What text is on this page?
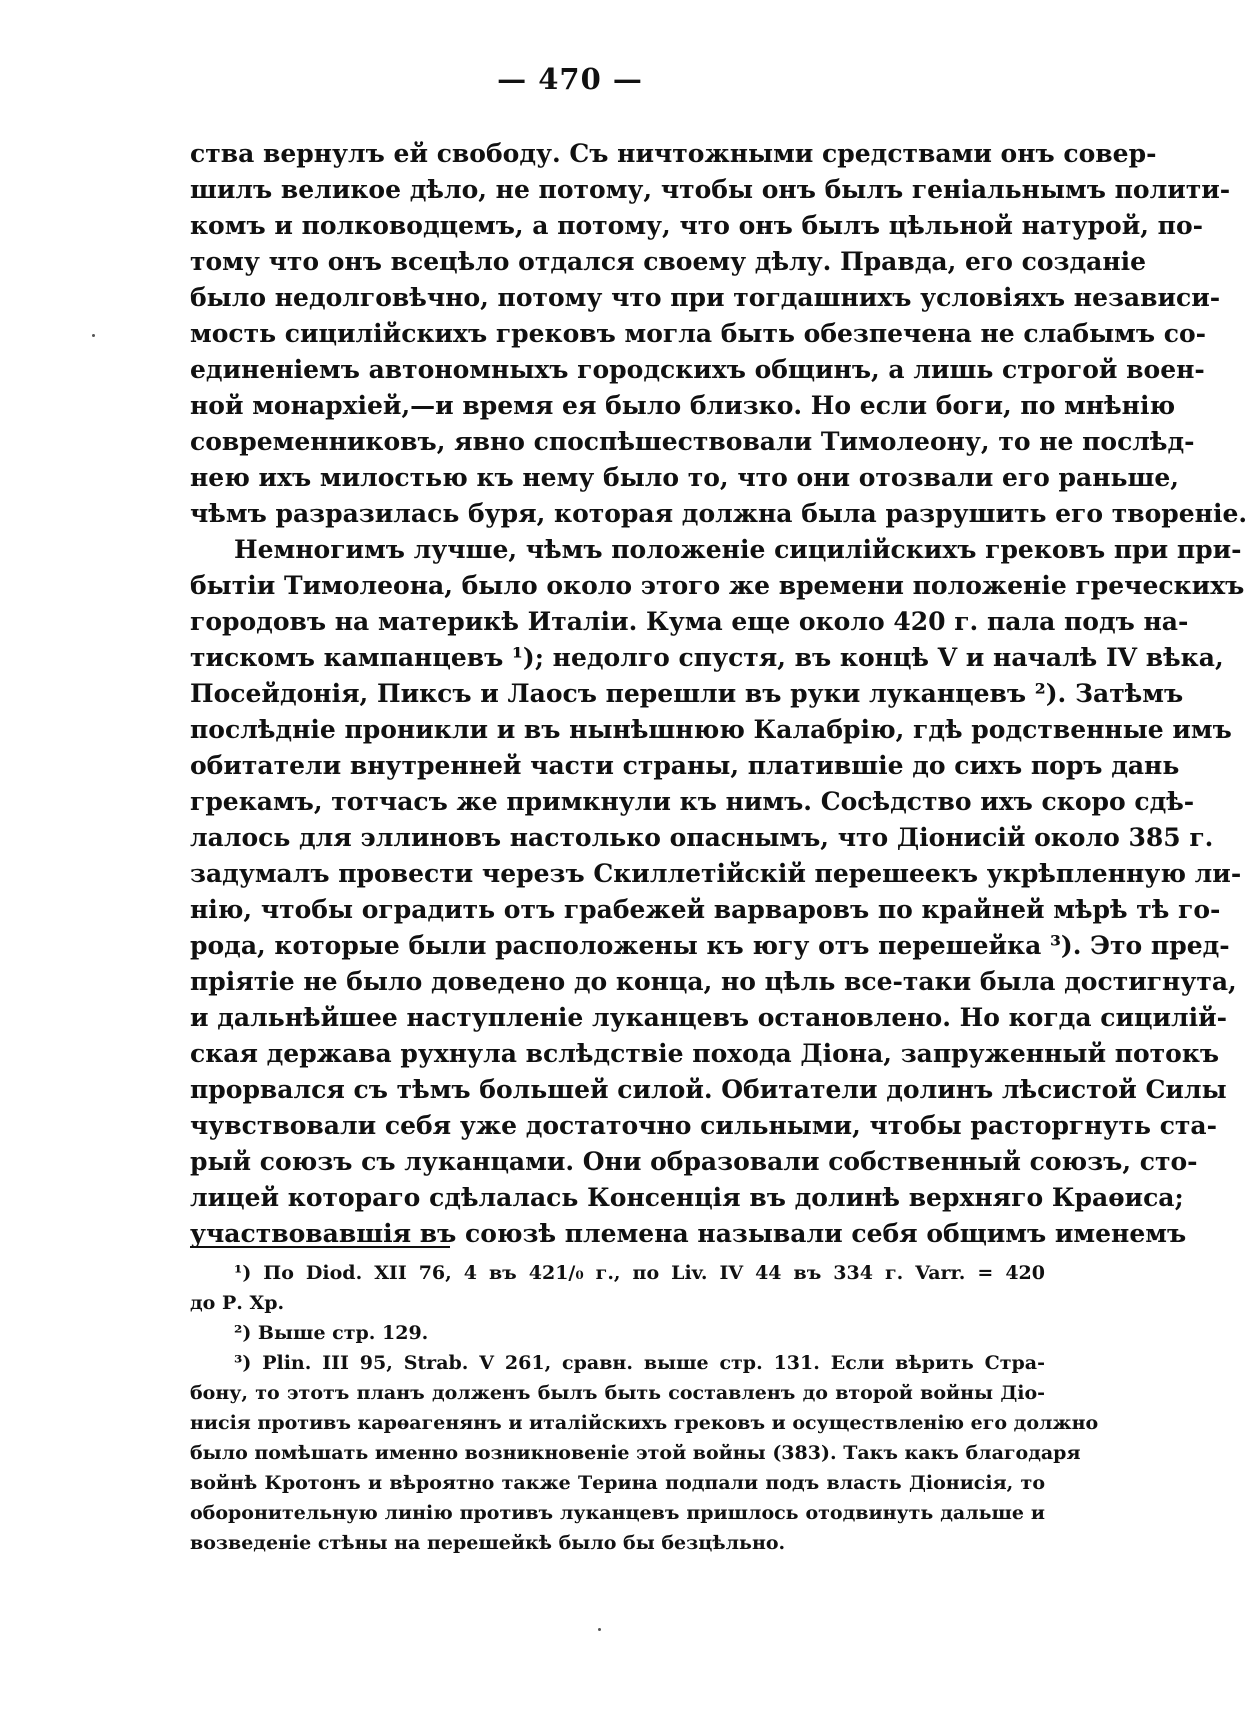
— 470 —
ства вернулъ ей свободу. Съ ничтожными средствами онъ совер-
шилъ великое дѣло, не потому, чтобы онъ былъ геніальнымъ полити-
комъ и полководцемъ, а потому, что онъ былъ цѣльной натурой, по-
тому что онъ всецѣло отдался своему дѣлу. Правда, его созданіе
было недолговѣчно, потому что при тогдашнихъ условіяхъ независи-
мость сицилійскихъ грековъ могла быть обезпечена не слабымъ со-
единеніемъ автономныхъ городскихъ общинъ, а лишь строгой воен-
ной монархіей,—и время ея было близко. Но если боги, по мнѣнію
современниковъ, явно споспѣшествовали Тимолеону, то не послѣд-
нею ихъ милостью къ нему было то, что они отозвали его раньше,
чѣмъ разразилась буря, которая должна была разрушить его твореніе.
Немногимъ лучше, чѣмъ положеніе сицилійскихъ грековъ при при-
бытіи Тимолеона, было около этого же времени положеніе греческихъ
городовъ на материкѣ Италіи. Кума еще около 420 г. пала подъ на-
тискомъ кампанцевъ ¹); недолго спустя, въ концѣ V и началѣ IV вѣка,
Посейдонія, Пиксъ и Лаосъ перешли въ руки луканцевъ ²). Затѣмъ
послѣдніе проникли и въ нынѣшнюю Калабрію, гдѣ родственные имъ
обитатели внутренней части страны, платившіе до сихъ поръ дань
грекамъ, тотчасъ же примкнули къ нимъ. Сосѣдство ихъ скоро сдѣ-
лалось для эллиновъ настолько опаснымъ, что Діонисій около 385 г.
задумалъ провести черезъ Скиллетійскій перешеекъ укрѣпленную ли-
нію, чтобы оградить отъ грабежей варваровъ по крайней мѣрѣ тѣ го-
рода, которые были расположены къ югу отъ перешейка ³). Это пред-
пріятіе не было доведено до конца, но цѣль все-таки была достигнута,
и дальнѣйшее наступленіе луканцевъ остановлено. Но когда сицилій-
ская держава рухнула вслѣдствіе похода Діона, запруженный потокъ
прорвался съ тѣмъ большей силой. Обитатели долинъ лѣсистой Силы
чувствовали себя уже достаточно сильными, чтобы расторгнуть ста-
рый союзъ съ луканцами. Они образовали собственный союзъ, сто-
лицей котораго сдѣлалась Консенція въ долинѣ верхняго Краѳиса;
участвовавшія въ союзѣ племена называли себя общимъ именемъ
¹) По Diod. XII 76, 4 въ 421/₀ г., по Liv. IV 44 въ 334 г. Varr. = 420
до Р. Хр.
²) Выше стр. 129.
³) Plin. III 95, Strab. V 261, сравн. выше стр. 131. Если вѣрить Стра-
бону, то этотъ планъ долженъ былъ быть составленъ до второй войны Діо-
нисія противъ карѳагенянъ и италійскихъ грековъ и осуществленію его должно
было помѣшать именно возникновеніе этой войны (383). Такъ какъ благодаря
войнѣ Кротонъ и вѣроятно также Терина подпали подъ власть Діонисія, то
оборонительную линію противъ луканцевъ пришлось отодвинуть дальше и
возведеніе стѣны на перешейкѣ было бы безцѣльно.
